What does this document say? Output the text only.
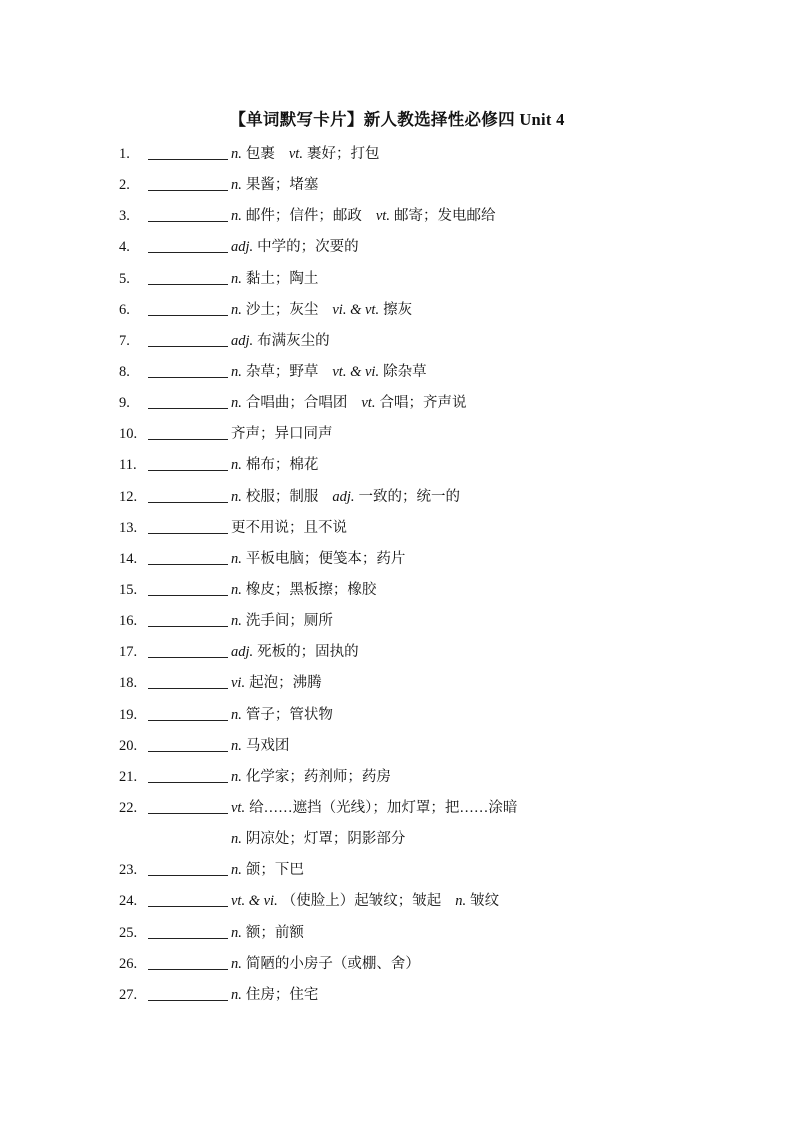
【单词默写卡片】新人教选择性必修四 Unit 4
1.	n. 包裹 vt. 裹好；打包
2.	n. 果酱；堵塞
3.	n. 邮件；信件；邮政 vt. 邮寄；发电邮给
4.	adj. 中学的；次要的
5.	n. 黏土；陶土
6.	n. 沙土；灰尘 vi. & vt. 擦灰
7.	adj. 布满灰尘的
8.	n. 杂草；野草 vt. & vi. 除杂草
9.	n. 合唱曲；合唱团 vt. 合唱；齐声说
10.	齐声；异口同声
11.	n. 棉布；棉花
12.	n. 校服；制服 adj. 一致的；统一的
13.	更不用说；且不说
14.	n. 平板电脑；便笺本；药片
15.	n. 橡皮；黑板擦；橡胶
16.	n. 洗手间；厕所
17.	adj. 死板的；固执的
18.	vi. 起泡；沸腾
19.	n. 管子；管状物
20.	n. 马戏团
21.	n. 化学家；药剂师；药房
22.	vt. 给……遮挡（光线）；加灯罩；把……涂暗
n. 阴凉处；灯罩；阴影部分
23.	n. 颌；下巴
24.	vt. & vi. （使脸上）起皱纹；皱起 n. 皱纹
25.	n. 额；前额
26.	n. 简陋的小房子（或棚、舍）
27.	n. 住房；住宅
